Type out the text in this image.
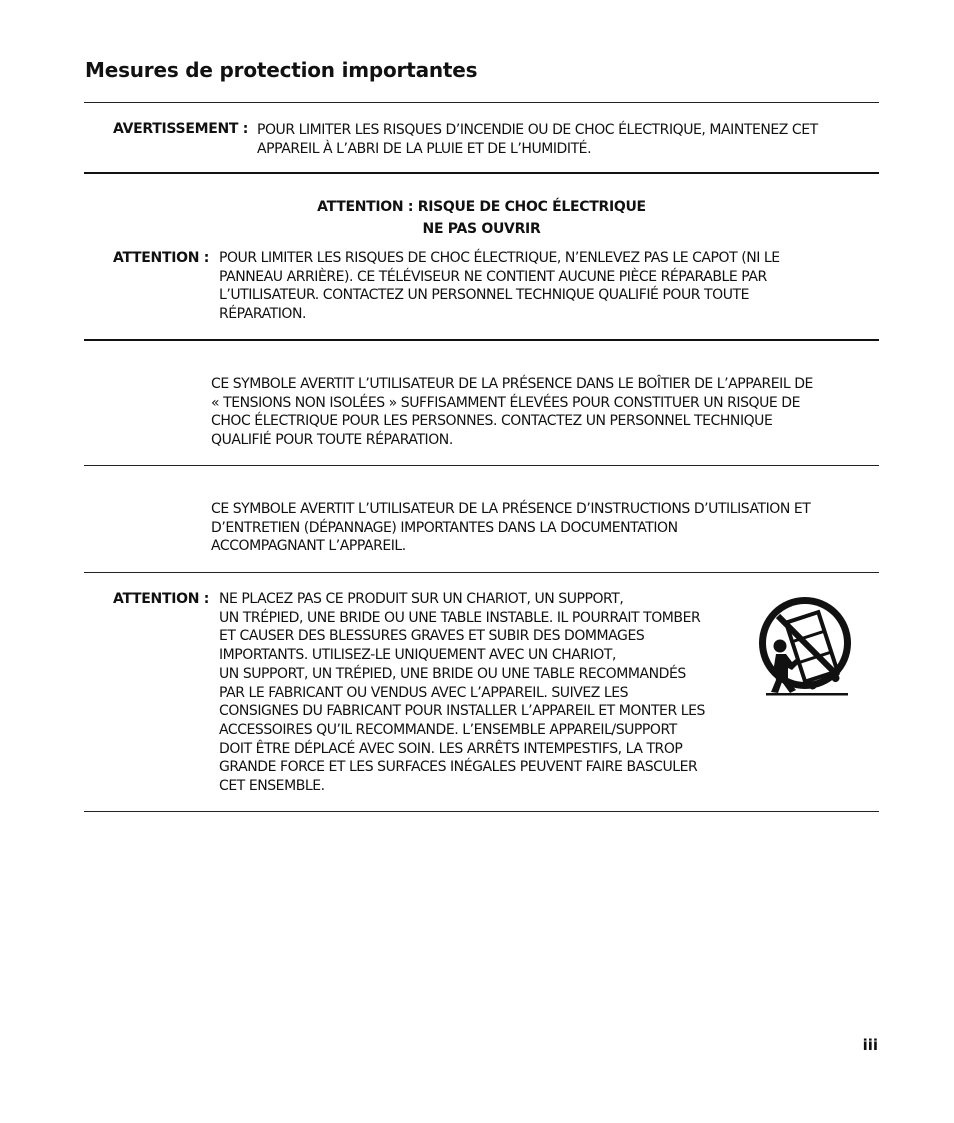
Mesures de protection importantes
AVERTISSEMENT : POUR LIMITER LES RISQUES D’INCENDIE OU DE CHOC ÉLECTRIQUE, MAINTENEZ CET
APPAREIL À L’ABRI DE LA PLUIE ET DE L’HUMIDITÉ.
ATTENTION : RISQUE DE CHOC ÉLECTRIQUE
NE PAS OUVRIR
ATTENTION : POUR LIMITER LES RISQUES DE CHOC ÉLECTRIQUE, N’ENLEVEZ PAS LE CAPOT (NI LE
PANNEAU ARRIÈRE). CE TÉLÉVISEUR NE CONTIENT AUCUNE PIÈCE RÉPARABLE PAR
L’UTILISATEUR. CONTACTEZ UN PERSONNEL TECHNIQUE QUALIFIÉ POUR TOUTE
RÉPARATION.
CE SYMBOLE AVERTIT L’UTILISATEUR DE LA PRÉSENCE DANS LE BOÎTIER DE L’APPAREIL DE
« TENSIONS NON ISOLÉES » SUFFISAMMENT ÉLEVÉES POUR CONSTITUER UN RISQUE DE
CHOC ÉLECTRIQUE POUR LES PERSONNES. CONTACTEZ UN PERSONNEL TECHNIQUE
QUALIFIÉ POUR TOUTE RÉPARATION.
CE SYMBOLE AVERTIT L’UTILISATEUR DE LA PRÉSENCE D’INSTRUCTIONS D’UTILISATION ET
D’ENTRETIEN (DÉPANNAGE) IMPORTANTES DANS LA DOCUMENTATION
ACCOMPAGNANT L’APPAREIL.
ATTENTION : NE PLACEZ PAS CE PRODUIT SUR UN CHARIOT, UN SUPPORT,
UN TRÉPIED, UNE BRIDE OU UNE TABLE INSTABLE. IL POURRAIT TOMBER
ET CAUSER DES BLESSURES GRAVES ET SUBIR DES DOMMAGES
IMPORTANTS. UTILISEZ-LE UNIQUEMENT AVEC UN CHARIOT,
UN SUPPORT, UN TRÉPIED, UNE BRIDE OU UNE TABLE RECOMMANDÉS
PAR LE FABRICANT OU VENDUS AVEC L’APPAREIL. SUIVEZ LES
CONSIGNES DU FABRICANT POUR INSTALLER L’APPAREIL ET MONTER LES
ACCESSOIRES QU’IL RECOMMANDE. L’ENSEMBLE APPAREIL/SUPPORT
DOIT ÊTRE DÉPLACÉ AVEC SOIN. LES ARRÊTS INTEMPESTIFS, LA TROP
GRANDE FORCE ET LES SURFACES INÉGALES PEUVENT FAIRE BASCULER
CET ENSEMBLE.
iii
